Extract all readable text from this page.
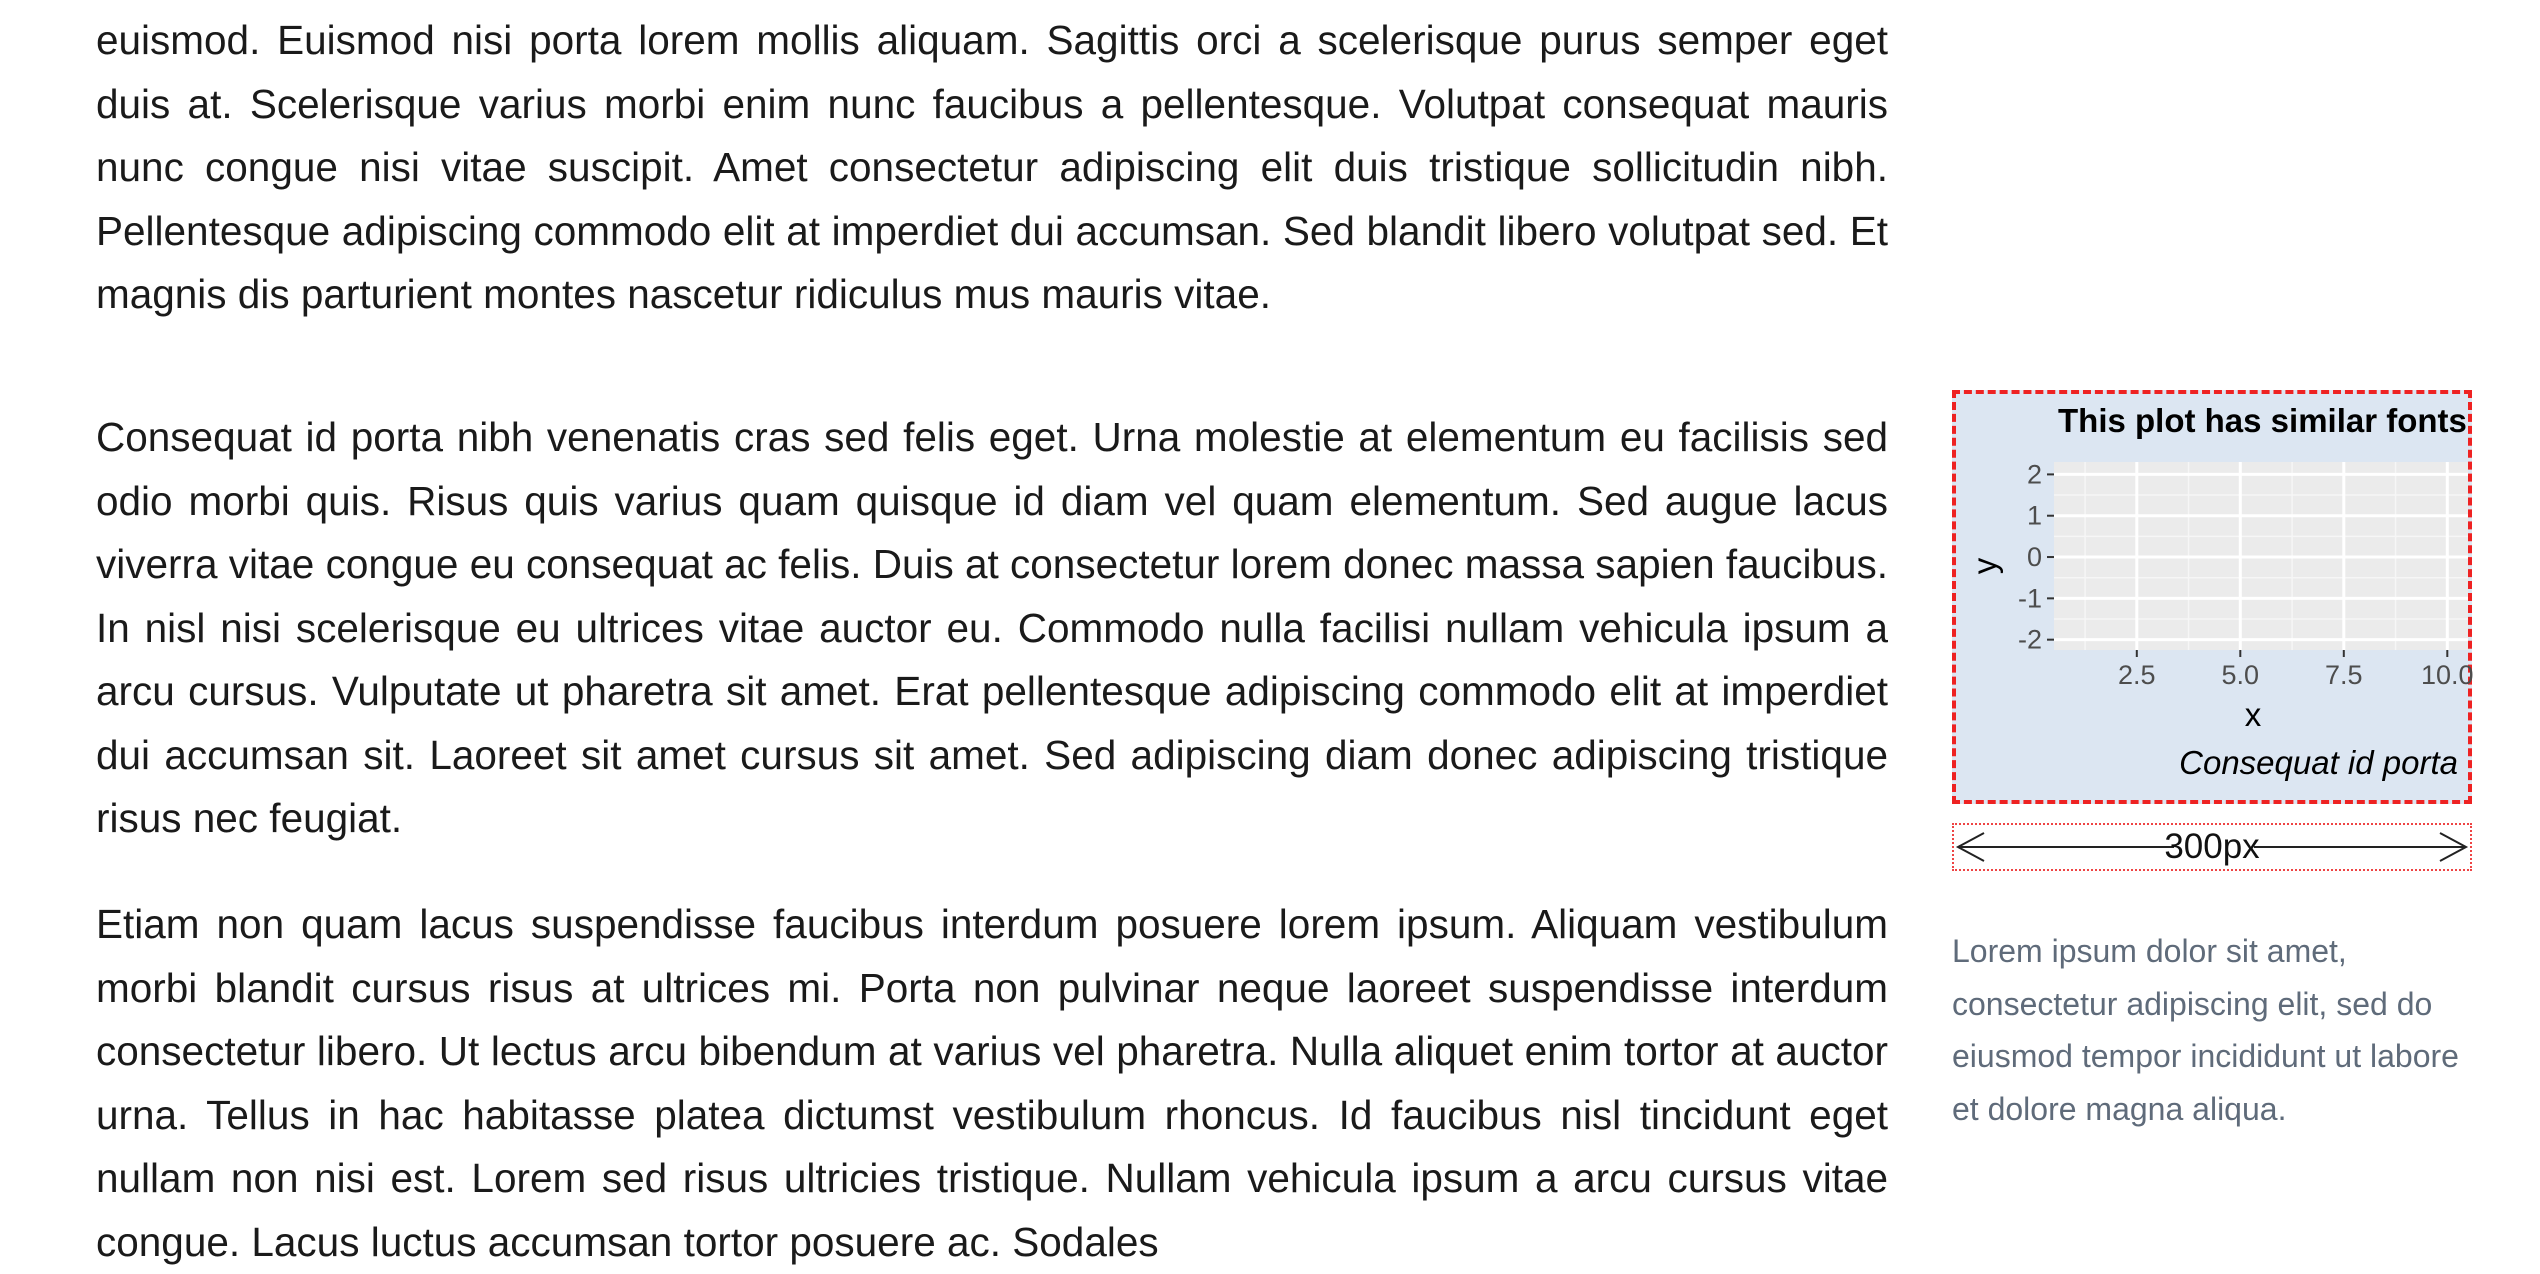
euismod. Euismod nisi porta lorem mollis aliquam. Sagittis orci a scelerisque purus semper eget duis at. Scelerisque varius morbi enim nunc faucibus a pellentesque. Volutpat consequat mauris nunc congue nisi vitae suscipit. Amet consectetur adipiscing elit duis tristique sollicitudin nibh. Pellentesque adipiscing commodo elit at imperdiet dui accumsan. Sed blandit libero volutpat sed. Et magnis dis parturient montes nascetur ridiculus mus mauris vitae.

Consequat id porta nibh venenatis cras sed felis eget. Urna molestie at elementum eu facilisis sed odio morbi quis. Risus quis varius quam quisque id diam vel quam elementum. Sed augue lacus viverra vitae congue eu consequat ac felis. Duis at consectetur lorem donec massa sapien faucibus. In nisl nisi scelerisque eu ultrices vitae auctor eu. Commodo nulla facilisi nullam vehicula ipsum a arcu cursus. Vulputate ut pharetra sit amet. Erat pellentesque adipiscing commodo elit at imperdiet dui accumsan sit. Laoreet sit amet cursus sit amet. Sed adipiscing diam donec adipiscing tristique risus nec feugiat.

Etiam non quam lacus suspendisse faucibus interdum posuere lorem ipsum. Aliquam vestibulum morbi blandit cursus risus at ultrices mi. Porta non pulvinar neque laoreet suspendisse interdum consectetur libero. Ut lectus arcu bibendum at varius vel pharetra. Nulla aliquet enim tortor at auctor urna. Tellus in hac habitasse platea dictumst vestibulum rhoncus. Id faucibus nisl tincidunt eget nullam non nisi est. Lorem sed risus ultricies tristique. Nullam vehicula ipsum a arcu cursus vitae congue. Lacus luctus accumsan tortor posuere ac. Sodales

2.5 5.0 7.5 10.0
-2
-1
0
1
2
This plot has similar fonts
x
y
Consequat id porta
300px
Lorem ipsum dolor sit amet, consectetur adipiscing elit, sed do eiusmod tempor incididunt ut labore et dolore magna aliqua.
